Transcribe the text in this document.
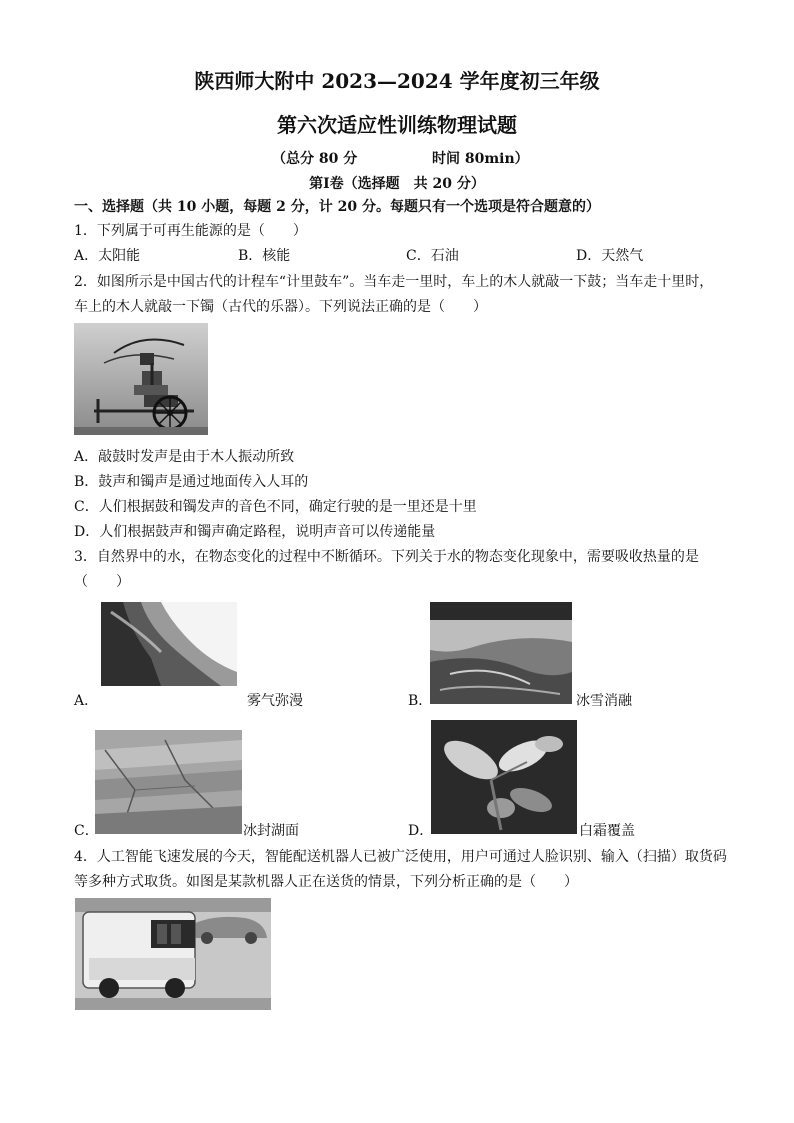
陕西师大附中 2023—2024 学年度初三年级
第六次适应性训练物理试题
（总分 80 分	时间 80min）
第Ⅰ卷（选择题　共 20 分）
一、选择题（共 10 小题，每题 2 分，计 20 分。每题只有一个选项是符合题意的）
1．下列属于可再生能源的是（　　）
A．太阳能	B．核能	C．石油	D．天然气
2．如图所示是中国古代的计程车“计里鼓车”。当车走一里时，车上的木人就敲一下鼓；当车走十里时，
车上的木人就敲一下镯（古代的乐器）。下列说法正确的是（　　）
A．敲鼓时发声是由于木人振动所致
B．鼓声和镯声是通过地面传入人耳的
C．人们根据鼓和镯发声的音色不同，确定行驶的是一里还是十里
D．人们根据鼓声和镯声确定路程，说明声音可以传递能量
3．自然界中的水，在物态变化的过程中不断循环。下列关于水的物态变化现象中，需要吸收热量的是
（　　）
A．	雾气弥漫	B．	冰雪消融
C．	冰封湖面	D．	白霜覆盖
4．人工智能飞速发展的今天，智能配送机器人已被广泛使用，用户可通过人脸识别、输入（扫描）取货码
等多种方式取货。如图是某款机器人正在送货的情景，下列分析正确的是（　　）
